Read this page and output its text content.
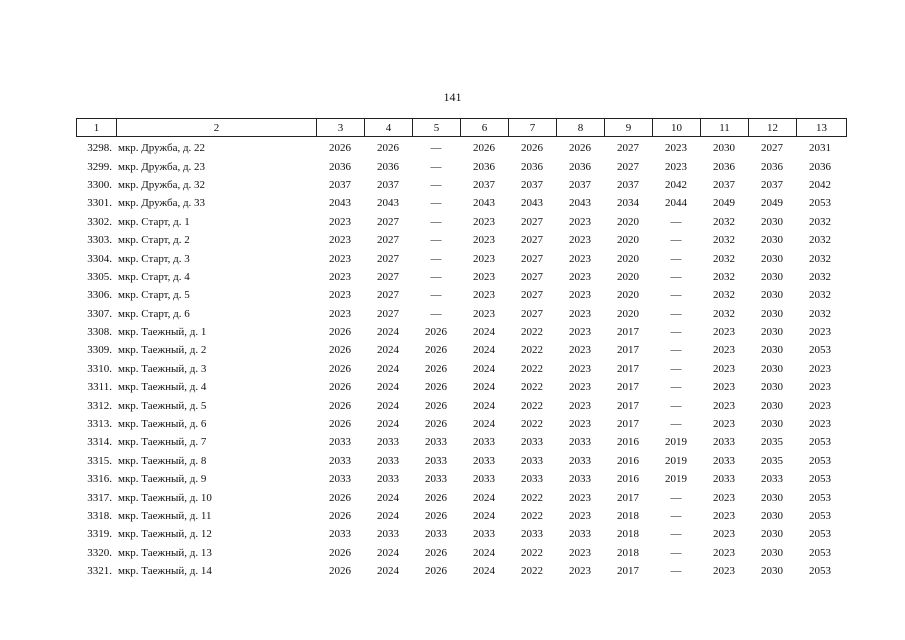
141
1	2	3	4	5	6	7	8	9	10	11	12	13
3298. мкр. Дружба, д. 22	2026	2026	—	2026	2026	2026	2027	2023	2030	2027	2031
3299. мкр. Дружба, д. 23	2036	2036	—	2036	2036	2036	2027	2023	2036	2036	2036
3300. мкр. Дружба, д. 32	2037	2037	—	2037	2037	2037	2037	2042	2037	2037	2042
3301. мкр. Дружба, д. 33	2043	2043	—	2043	2043	2043	2034	2044	2049	2049	2053
3302. мкр. Старт, д. 1	2023	2027	—	2023	2027	2023	2020	—	2032	2030	2032
3303. мкр. Старт, д. 2	2023	2027	—	2023	2027	2023	2020	—	2032	2030	2032
3304. мкр. Старт, д. 3	2023	2027	—	2023	2027	2023	2020	—	2032	2030	2032
3305. мкр. Старт, д. 4	2023	2027	—	2023	2027	2023	2020	—	2032	2030	2032
3306. мкр. Старт, д. 5	2023	2027	—	2023	2027	2023	2020	—	2032	2030	2032
3307. мкр. Старт, д. 6	2023	2027	—	2023	2027	2023	2020	—	2032	2030	2032
3308. мкр. Таежный, д. 1	2026	2024	2026	2024	2022	2023	2017	—	2023	2030	2023
3309. мкр. Таежный, д. 2	2026	2024	2026	2024	2022	2023	2017	—	2023	2030	2053
3310. мкр. Таежный, д. 3	2026	2024	2026	2024	2022	2023	2017	—	2023	2030	2023
3311. мкр. Таежный, д. 4	2026	2024	2026	2024	2022	2023	2017	—	2023	2030	2023
3312. мкр. Таежный, д. 5	2026	2024	2026	2024	2022	2023	2017	—	2023	2030	2023
3313. мкр. Таежный, д. 6	2026	2024	2026	2024	2022	2023	2017	—	2023	2030	2023
3314. мкр. Таежный, д. 7	2033	2033	2033	2033	2033	2033	2016	2019	2033	2035	2053
3315. мкр. Таежный, д. 8	2033	2033	2033	2033	2033	2033	2016	2019	2033	2035	2053
3316. мкр. Таежный, д. 9	2033	2033	2033	2033	2033	2033	2016	2019	2033	2033	2053
3317. мкр. Таежный, д. 10	2026	2024	2026	2024	2022	2023	2017	—	2023	2030	2053
3318. мкр. Таежный, д. 11	2026	2024	2026	2024	2022	2023	2018	—	2023	2030	2053
3319. мкр. Таежный, д. 12	2033	2033	2033	2033	2033	2033	2018	—	2023	2030	2053
3320. мкр. Таежный, д. 13	2026	2024	2026	2024	2022	2023	2018	—	2023	2030	2053
3321. мкр. Таежный, д. 14	2026	2024	2026	2024	2022	2023	2017	—	2023	2030	2053
